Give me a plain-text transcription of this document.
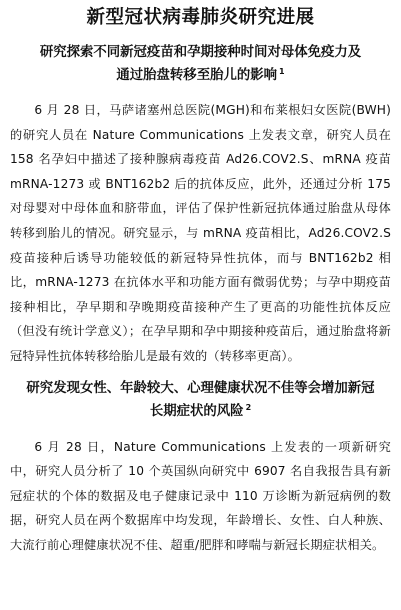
新型冠状病毒肺炎研究进展
研究探索不同新冠疫苗和孕期接种时间对母体免疫力及
通过胎盘转移至胎儿的影响 $^1$

6 月 28 日，马萨诸塞州总医院(MGH)和布莱根妇女医院(BWH)的研究人员在 Nature Communications 上发表文章，研究人员在 158 名孕妇中描述了接种腺病毒疫苗 Ad26.COV2.S、mRNA 疫苗 mRNA-1273 或 BNT162b2 后的抗体反应，此外，还通过分析 175 对母婴对中母体血和脐带血，评估了保护性新冠抗体通过胎盘从母体转移到胎儿的情况。研究显示，与 mRNA 疫苗相比，Ad26.COV2.S 疫苗接种后诱导功能较低的新冠特异性抗体，而与 BNT162b2 相比，mRNA-1273 在抗体水平和功能方面有微弱优势；与孕中期疫苗接种相比，孕早期和孕晚期疫苗接种产生了更高的功能性抗体反应（但没有统计学意义）；在孕早期和孕中期接种疫苗后，通过胎盘将新冠特异性抗体转移给胎儿是最有效的（转移率更高）。

研究发现女性、年龄较大、心理健康状况不佳等会增加新冠
长期症状的风险 $^2$

6 月 28 日，Nature Communications 上发表的一项新研究中，研究人员分析了 10 个英国纵向研究中 6907 名自我报告具有新冠症状的个体的数据及电子健康记录中 110 万诊断为新冠病例的数据，研究人员在两个数据库中均发现，年龄增长、女性、白人种族、大流行前心理健康状况不佳、超重/肥胖和哮喘与新冠长期症状相关。
